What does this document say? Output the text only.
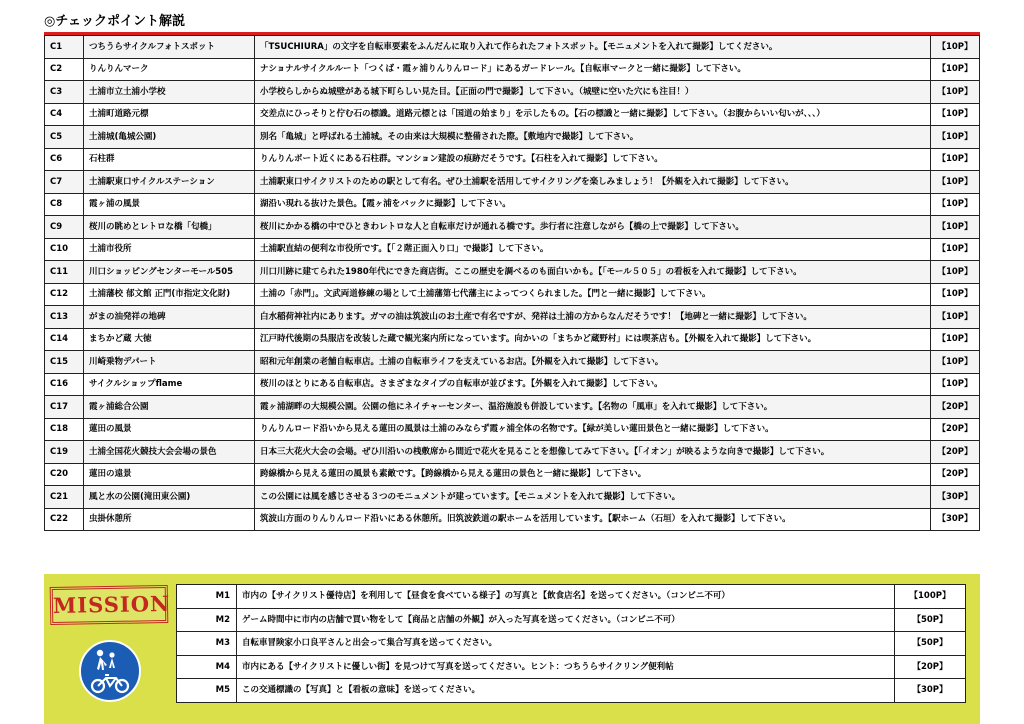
◎チェックポイント解説
C1	つちうらサイクルフォトスポット	「TSUCHIURA」の文字を自転車要素をふんだんに取り入れて作られたフォトスポット。【モニュメントを入れて撮影】してください。	【10P】
C2	りんりんマーク	ナショナルサイクルルート「つくば・霞ヶ浦りんりんロード」にあるガードレール。【自転車マークと一緒に撮影】して下さい。	【10P】
C3	土浦市立土浦小学校	小学校らしからぬ城壁がある城下町らしい見た目。【正面の門で撮影】して下さい。（城壁に空いた穴にも注目！）	【10P】
C4	土浦町道路元標	交差点にひっそりと佇む石の標識。道路元標とは「国道の始まり」を示したもの。【石の標識と一緒に撮影】して下さい。（お腹からいい匂いが、、、）	【10P】
C5	土浦城(亀城公園)	別名「亀城」と呼ばれる土浦城。その由来は大規模に整備された際。【敷地内で撮影】して下さい。	【10P】
C6	石柱群	りんりんポート近くにある石柱群。マンション建設の痕跡だそうです。【石柱を入れて撮影】して下さい。	【10P】
C7	土浦駅東口サイクルステーション	土浦駅東口サイクリストのための駅として有名。ぜひ土浦駅を活用してサイクリングを楽しみましょう！【外観を入れて撮影】して下さい。	【10P】
C8	霞ヶ浦の風景	湖沿い現れる抜けた景色。【霞ヶ浦をバックに撮影】して下さい。	【10P】
C9	桜川の眺めとレトロな橋「匂橋」	桜川にかかる橋の中でひときわレトロな人と自転車だけが通れる橋です。歩行者に注意しながら【橋の上で撮影】して下さい。	【10P】
C10	土浦市役所	土浦駅直結の便利な市役所です。【「２階正面入り口」で撮影】して下さい。	【10P】
C11	川口ショッピングセンターモール505	川口川跡に建てられた1980年代にできた商店街。ここの歴史を調べるのも面白いかも。【「モール５０５」の看板を入れて撮影】して下さい。	【10P】
C12	土浦藩校 郁文館 正門(市指定文化財)	土浦の「赤門」。文武両道修練の場として土浦藩第七代藩主によってつくられました。【門と一緒に撮影】して下さい。	【10P】
C13	がまの油発祥の地碑	白水稲荷神社内にあります。ガマの油は筑波山のお土産で有名ですが、発祥は土浦の方からなんだそうです！【地碑と一緒に撮影】して下さい。	【10P】
C14	まちかど蔵 大徳	江戸時代後期の呉服店を改装した蔵で観光案内所になっています。向かいの「まちかど蔵野村」には喫茶店も。【外観を入れて撮影】して下さい。	【10P】
C15	川崎乗物デパート	昭和元年創業の老舗自転車店。土浦の自転車ライフを支えているお店。【外観を入れて撮影】して下さい。	【10P】
C16	サイクルショップflame	桜川のほとりにある自転車店。さまざまなタイプの自転車が並びます。【外観を入れて撮影】して下さい。	【10P】
C17	霞ヶ浦総合公園	霞ヶ浦湖畔の大規模公園。公園の他にネイチャーセンター、温浴施設も併設しています。【名物の「風車」を入れて撮影】して下さい。	【20P】
C18	蓮田の風景	りんりんロード沿いから見える蓮田の風景は土浦のみならず霞ヶ浦全体の名物です。【緑が美しい蓮田景色と一緒に撮影】して下さい。	【20P】
C19	土浦全国花火競技大会会場の景色	日本三大花火大会の会場。ぜひ川沿いの桟敷席から間近で花火を見ることを想像してみて下さい。【「イオン」が映るような向きで撮影】して下さい。	【20P】
C20	蓮田の遠景	跨線橋から見える蓮田の風景も素敵です。【跨線橋から見える蓮田の景色と一緒に撮影】して下さい。	【20P】
C21	風と水の公園(滝田東公園)	この公園には風を感じさせる３つのモニュメントが建っています。【モニュメントを入れて撮影】して下さい。	【30P】
C22	虫掛休憩所	筑波山方面のりんりんロード沿いにある休憩所。旧筑波鉄道の駅ホームを活用しています。【駅ホーム（石垣）を入れて撮影】して下さい。	【30P】
MISSION	M1	市内の【サイクリスト優待店】を利用して【昼食を食べている様子】の写真と【飲食店名】を送ってください。（コンビニ不可）	【100P】
M2	ゲーム時間中に市内の店舗で買い物をして【商品と店舗の外観】が入った写真を送ってください。（コンビニ不可）	【50P】
M3	自転車冒険家小口良平さんと出会って集合写真を送ってください。	【50P】
M4	市内にある【サイクリストに優しい街】を見つけて写真を送ってください。ヒント：つちうらサイクリング便利帖	【20P】
M5	この交通標識の【写真】と【看板の意味】を送ってください。	【30P】
